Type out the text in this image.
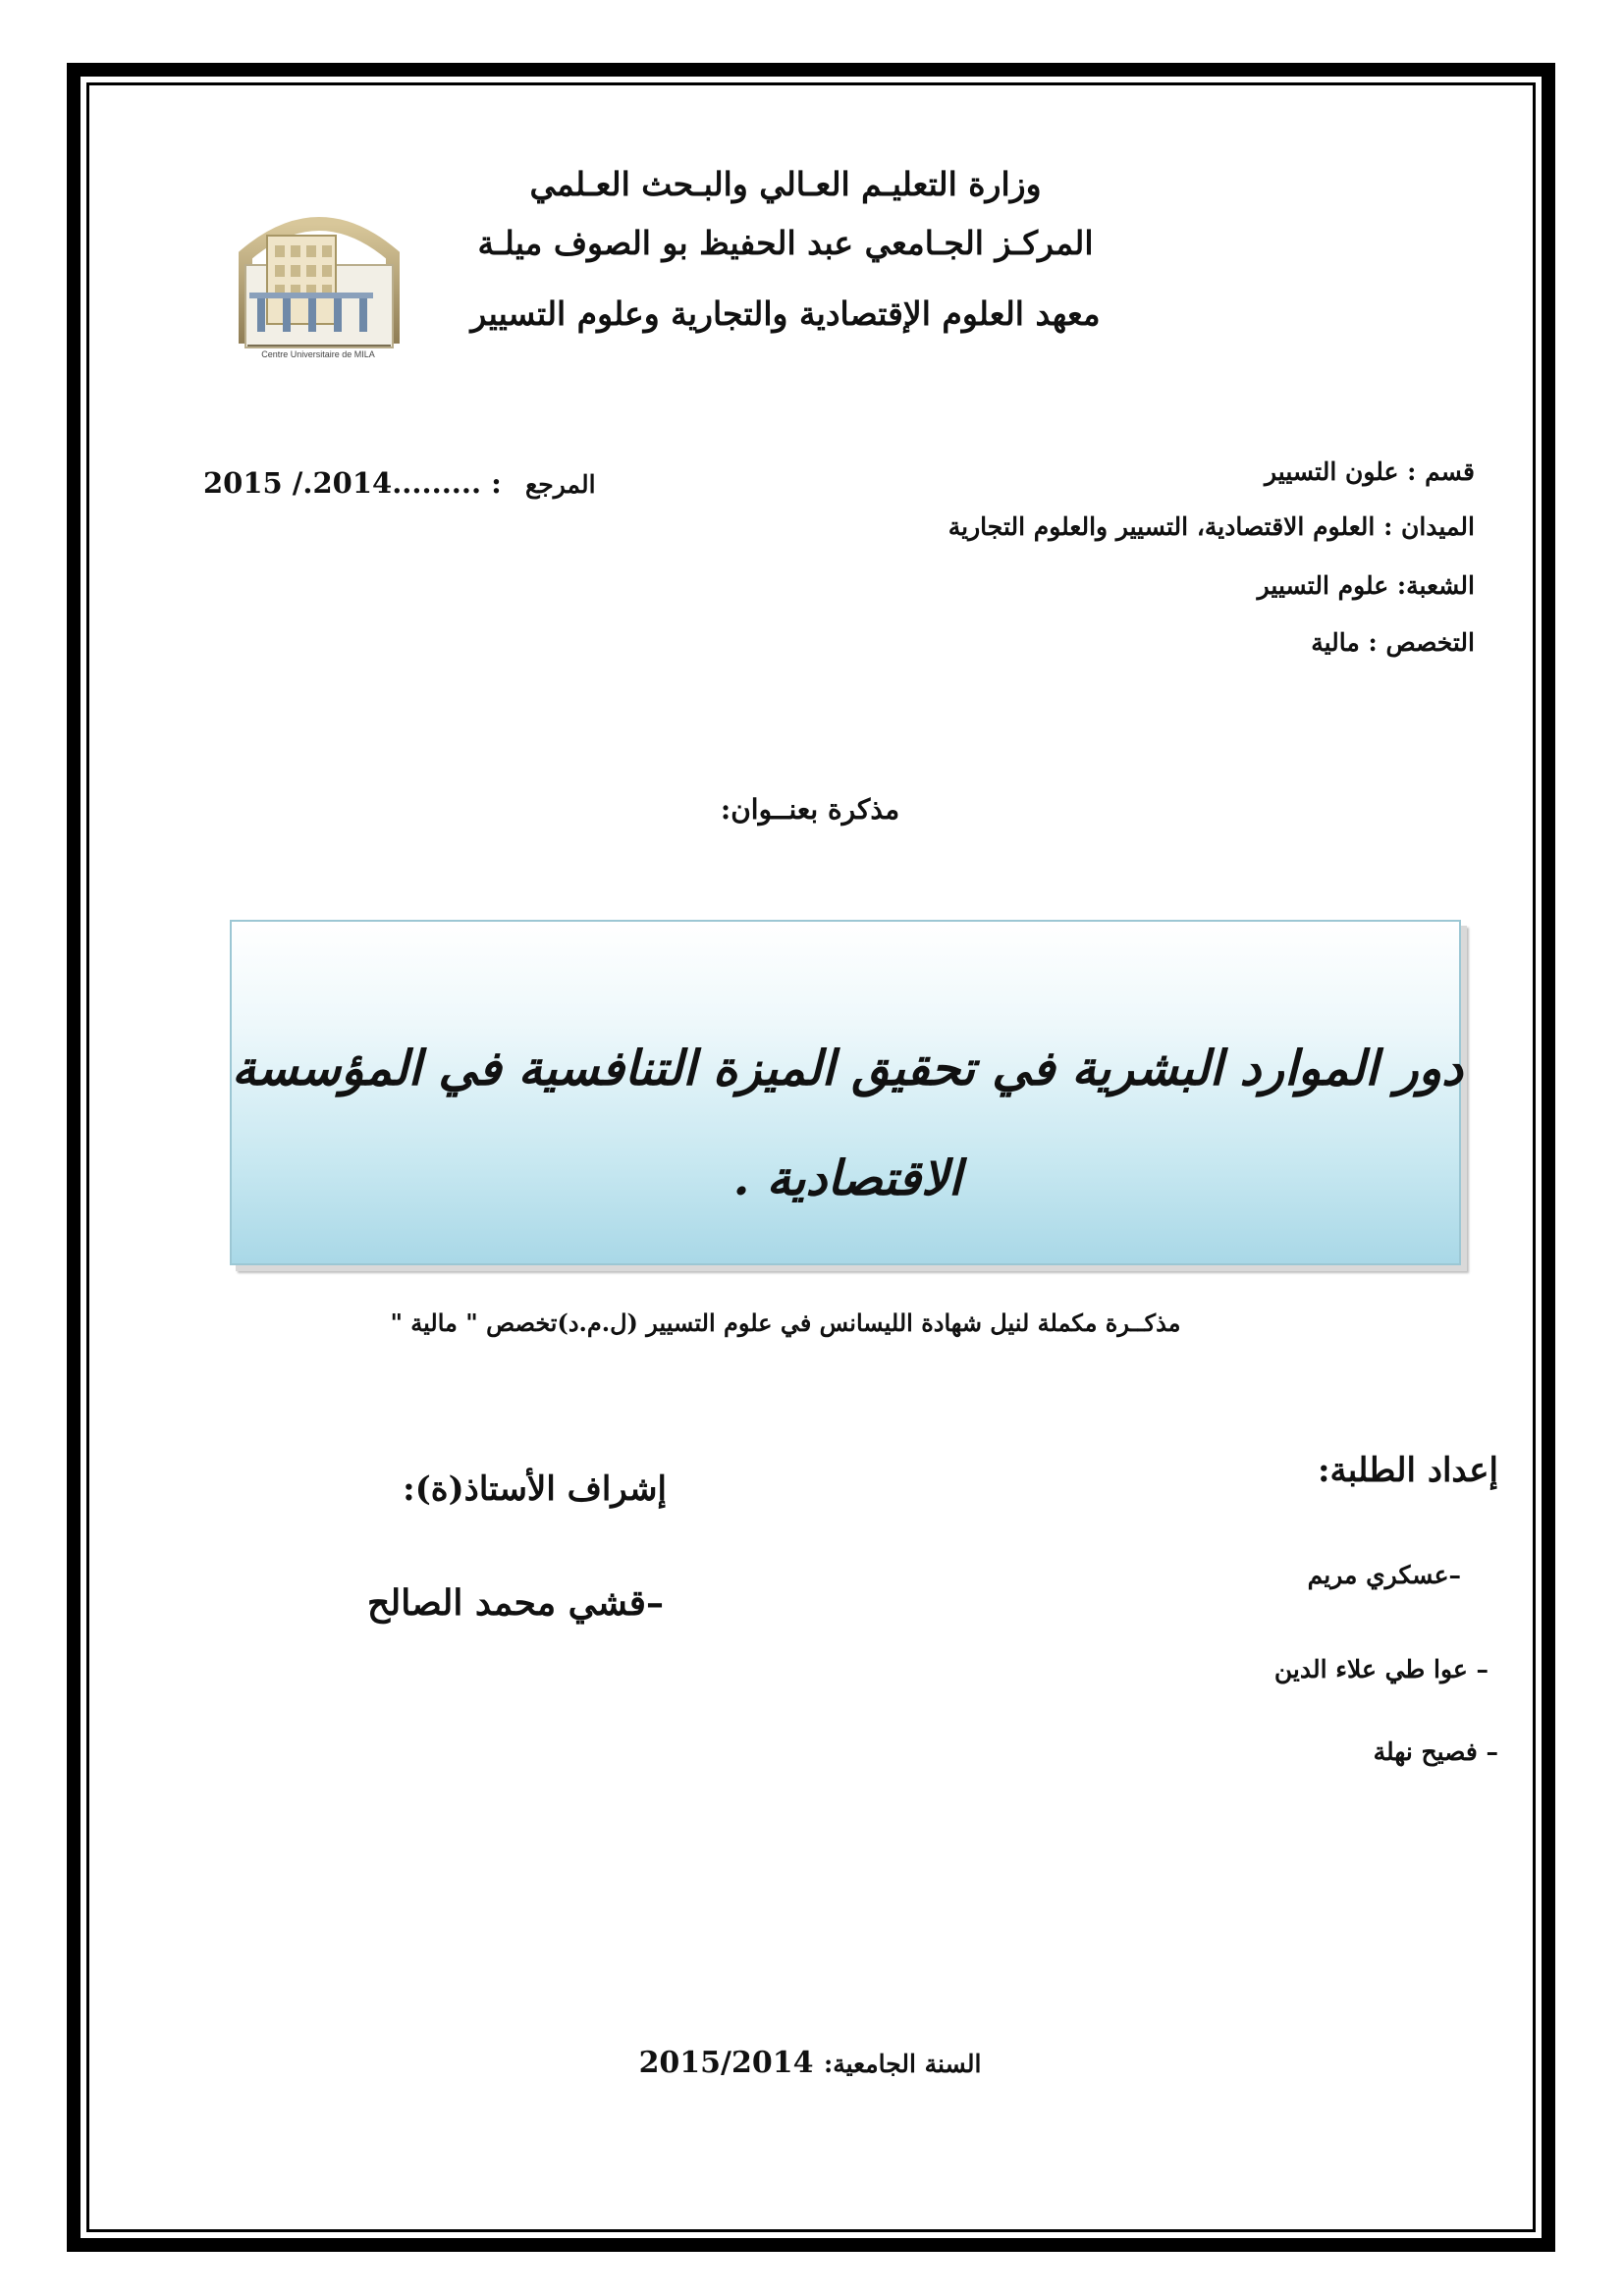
وزارة التعليـم العـالي والبـحث العـلمي
المركـز الجـامعي عبد الحفيظ بو الصوف ميلـة
معهد العلوم الإقتصادية والتجارية وعلوم التسيير
Centre Universitaire de MILA
2015 /.2014......... : المرجع	قسم : علون التسيير
الميدان : العلوم الاقتصادية، التسيير والعلوم التجارية
الشعبة: علوم التسيير
التخصص : مالية
مذكرة بعنــوان:
دور الموارد البشرية في تحقيق الميزة التنافسية في المؤسسة
الاقتصادية .
مذكــرة مكملة لنيل شهادة الليسانس في علوم التسيير (ل.م.د)تخصص " مالية "
إعداد الطلبة:
–عسكري مريم
– عوا طي علاء الدين
– فصيح نهلة
إشراف الأستاذ(ة):
–قشي محمد الصالح
السنة الجامعية: 2015/2014
